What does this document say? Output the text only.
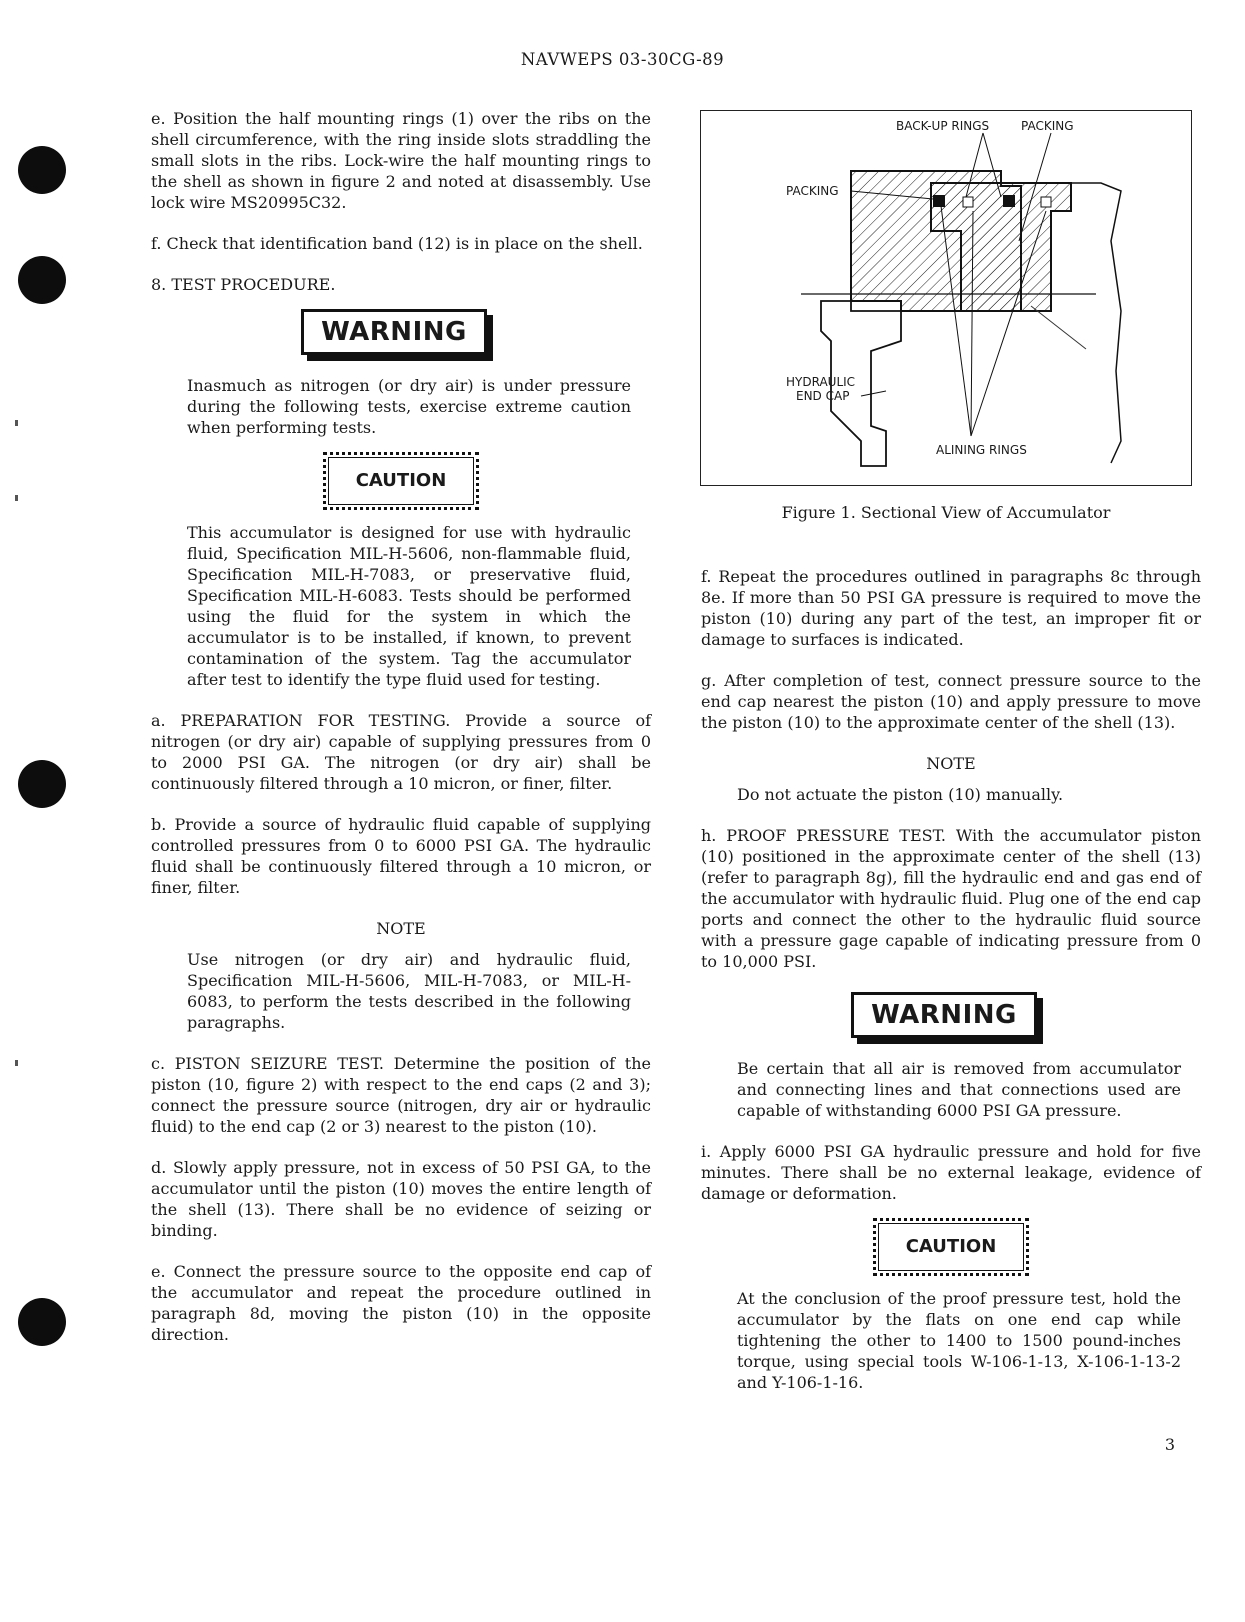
NAVWEPS 03-30CG-89

e. Position the half mounting rings (1) over the ribs on the shell circumference, with the ring inside slots straddling the small slots in the ribs. Lock-wire the half mounting rings to the shell as shown in figure 2 and noted at disassembly. Use lock wire MS20995C32.

f. Check that identification band (12) is in place on the shell.

8. TEST PROCEDURE.

WARNING

Inasmuch as nitrogen (or dry air) is under pressure during the following tests, exercise extreme caution when performing tests.

CAUTION

This accumulator is designed for use with hydraulic fluid, Specification MIL-H-5606, non-flammable fluid, Specification MIL-H-7083, or preservative fluid, Specification MIL-H-6083. Tests should be performed using the fluid for the system in which the accumulator is to be installed, if known, to prevent contamination of the system. Tag the accumulator after test to identify the type fluid used for testing.

a. PREPARATION FOR TESTING. Provide a source of nitrogen (or dry air) capable of supplying pressures from 0 to 2000 PSI GA. The nitrogen (or dry air) shall be continuously filtered through a 10 micron, or finer, filter.

b. Provide a source of hydraulic fluid capable of supplying controlled pressures from 0 to 6000 PSI GA. The hydraulic fluid shall be continuously filtered through a 10 micron, or finer, filter.

NOTE

Use nitrogen (or dry air) and hydraulic fluid, Specification MIL-H-5606, MIL-H-7083, or MIL-H-6083, to perform the tests described in the following paragraphs.

c. PISTON SEIZURE TEST. Determine the position of the piston (10, figure 2) with respect to the end caps (2 and 3); connect the pressure source (nitrogen, dry air or hydraulic fluid) to the end cap (2 or 3) nearest to the piston (10).

d. Slowly apply pressure, not in excess of 50 PSI GA, to the accumulator until the piston (10) moves the entire length of the shell (13). There shall be no evidence of seizing or binding.

e. Connect the pressure source to the opposite end cap of the accumulator and repeat the procedure outlined in paragraph 8d, moving the piston (10) in the opposite direction.

BACK-UP RINGS	PACKING
PACKING
HYDRAULIC
END CAP
ALINING RINGS
Figure 1. Sectional View of Accumulator

f. Repeat the procedures outlined in paragraphs 8c through 8e. If more than 50 PSI GA pressure is required to move the piston (10) during any part of the test, an improper fit or damage to surfaces is indicated.

g. After completion of test, connect pressure source to the end cap nearest the piston (10) and apply pressure to move the piston (10) to the approximate center of the shell (13).

NOTE

Do not actuate the piston (10) manually.

h. PROOF PRESSURE TEST. With the accumulator piston (10) positioned in the approximate center of the shell (13) (refer to paragraph 8g), fill the hydraulic end and gas end of the accumulator with hydraulic fluid. Plug one of the end cap ports and connect the other to the hydraulic fluid source with a pressure gage capable of indicating pressure from 0 to 10,000 PSI.

WARNING

Be certain that all air is removed from accumulator and connecting lines and that connections used are capable of withstanding 6000 PSI GA pressure.

i. Apply 6000 PSI GA hydraulic pressure and hold for five minutes. There shall be no external leakage, evidence of damage or deformation.

CAUTION

At the conclusion of the proof pressure test, hold the accumulator by the flats on one end cap while tightening the other to 1400 to 1500 pound-inches torque, using special tools W-106-1-13, X-106-1-13-2 and Y-106-1-16.

3
